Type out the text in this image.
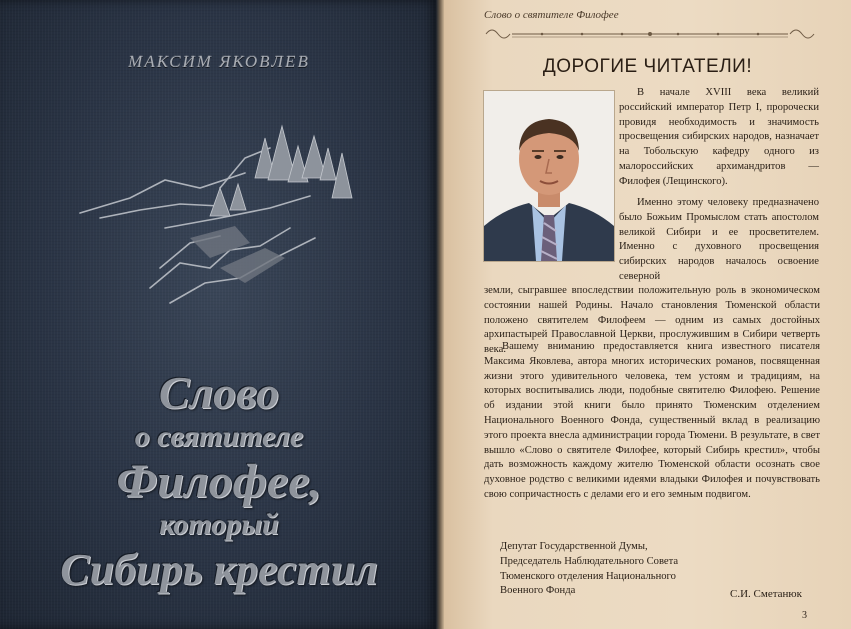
МАКСИМ ЯКОВЛЕВ
Слово
о святителе
Филофее,
который
Сибирь крестил
Слово о святителе Филофее
ДОРОГИЕ ЧИТАТЕЛИ!
В начале XVIII века великий российский император Петр I, пророчески провидя необходимость и значимость просвещения сибирских народов, назначает на Тобольскую кафедру одного из малороссийских архимандритов — Филофея (Лещинского).
Именно этому человеку предназначено было Божьим Промыслом стать апостолом великой Сибири и ее просветителем. Именно с духовного просвещения сибирских народов началось освоение северной
земли, сыгравшее впоследствии положительную роль в экономическом состоянии нашей Родины. Начало становления Тюменской области положено святителем Филофеем — одним из самых достойных архипастырей Православной Церкви, прослужившим в Сибири четверть века.
Вашему вниманию предоставляется книга известного писателя Максима Яковлева, автора многих исторических романов, посвященная жизни этого удивительного человека, тем устоям и традициям, на которых воспитывались люди, подобные святителю Филофею. Решение об издании этой книги было принято Тюменским отделением Национального Военного Фонда, существенный вклад в реализацию этого проекта внесла администрации города Тюмени. В результате, в свет вышло «Слово о святителе Филофее, который Сибирь крестил», чтобы дать возможность каждому жителю Тюменской области осознать свое духовное родство с великими идеями владыки Филофея и почувствовать свою сопричастность с делами его и его земным подвигом.
Депутат Государственной Думы,
Председатель Наблюдательного Совета
Тюменского отделения Национального
Военного Фонда	С.И. Сметанюк
3
